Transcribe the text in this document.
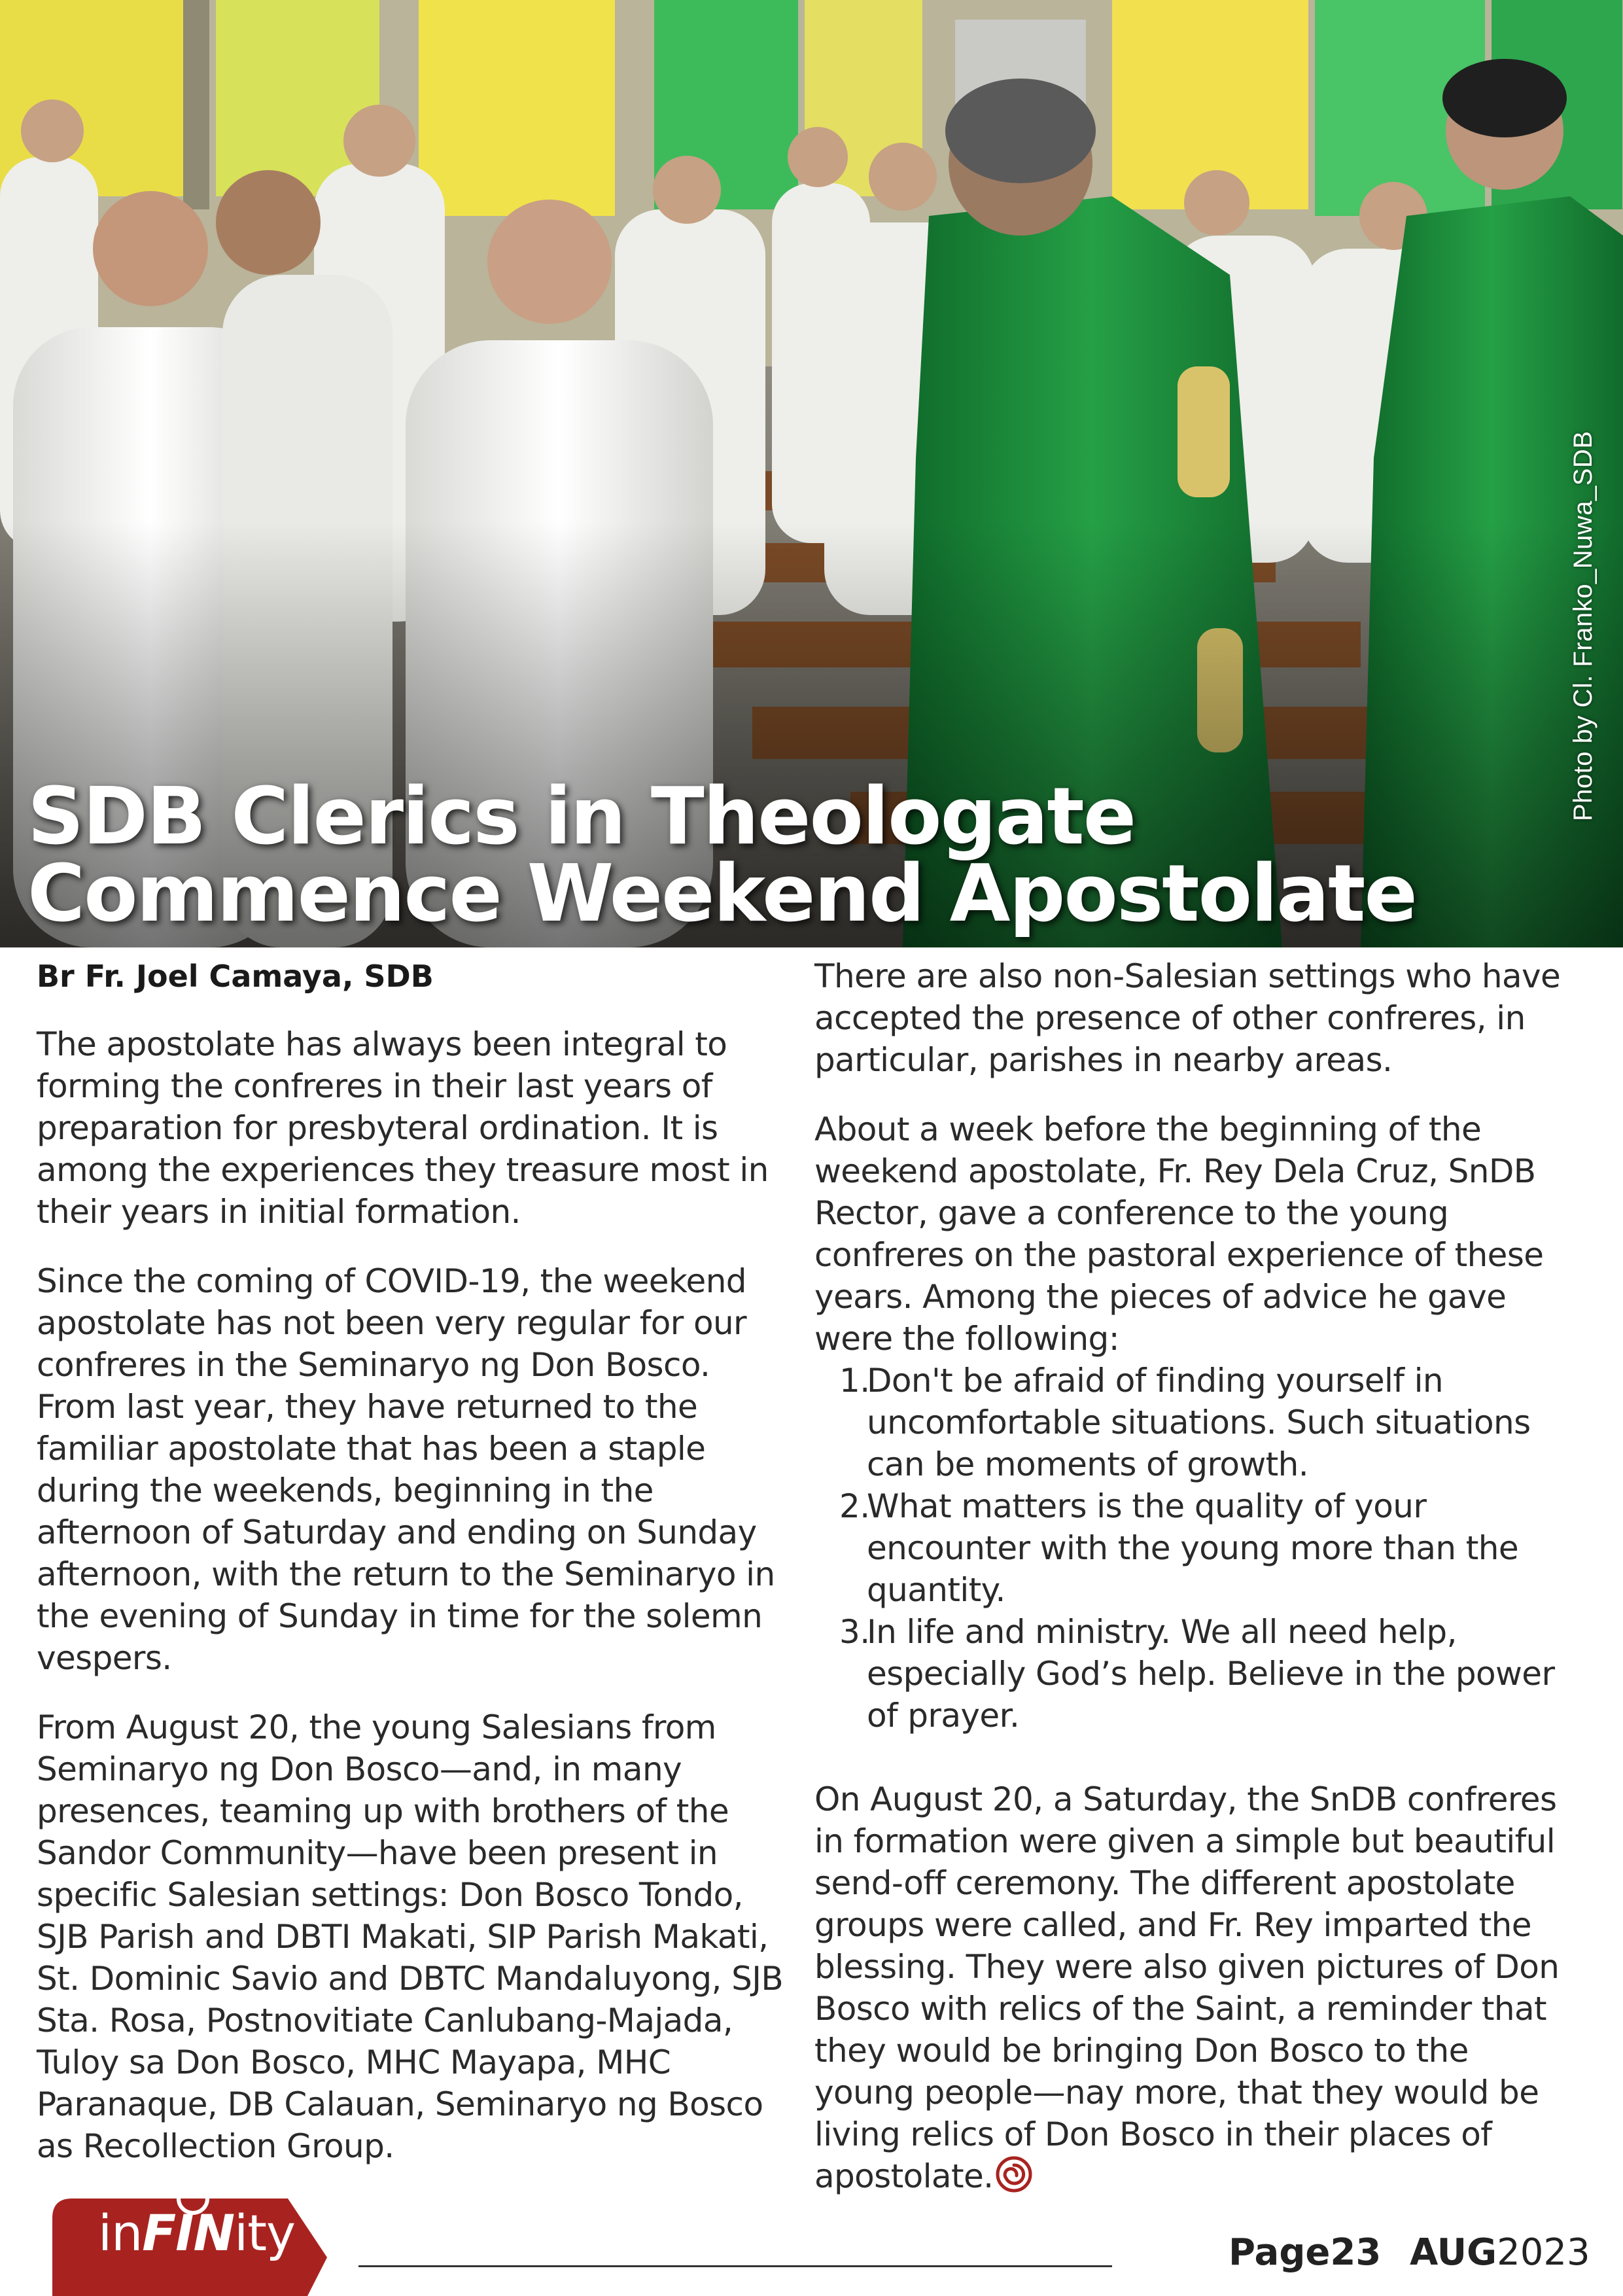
Photo by Cl. Franko_Nuwa_SDB
SDB Clerics in Theologate
Commence Weekend Apostolate

Br Fr. Joel Camaya, SDB

The apostolate has always been integral to forming the confreres in their last years of preparation for presbyteral ordination. It is among the experiences they treasure most in their years in initial formation.

Since the coming of COVID-19, the weekend apostolate has not been very regular for our confreres in the Seminaryo ng Don Bosco. From last year, they have returned to the familiar apostolate that has been a staple during the weekends, beginning in the afternoon of Saturday and ending on Sunday afternoon, with the return to the Seminaryo in the evening of Sunday in time for the solemn vespers.

From August 20, the young Salesians from Seminaryo ng Don Bosco—and, in many presences, teaming up with brothers of the Sandor Community—have been present in specific Salesian settings: Don Bosco Tondo, SJB Parish and DBTI Makati, SIP Parish Makati, St. Dominic Savio and DBTC Mandaluyong, SJB Sta. Rosa, Postnovitiate Canlubang-Majada, Tuloy sa Don Bosco, MHC Mayapa, MHC Paranaque, DB Calauan, Seminaryo ng Bosco as Recollection Group.

There are also non-Salesian settings who have accepted the presence of other confreres, in particular, parishes in nearby areas.

About a week before the beginning of the weekend apostolate, Fr. Rey Dela Cruz, SnDB Rector, gave a conference to the young confreres on the pastoral experience of these years. Among the pieces of advice he gave were the following:

1.
Don't be afraid of finding yourself in uncomfortable situations. Such situations can be moments of growth.
2.
What matters is the quality of your encounter with the young more than the quantity.
3.
In life and ministry. We all need help, especially God’s help. Believe in the power of prayer.

On August 20, a Saturday, the SnDB confreres in formation were given a simple but beautiful send-off ceremony. The different apostolate groups were called, and Fr. Rey imparted the blessing. They were also given pictures of Don Bosco with relics of the Saint, a reminder that they would be bringing Don Bosco to the young people—nay more, that they would be living relics of Don Bosco in their places of apostolate.

inFINity	Page23 AUG2023
